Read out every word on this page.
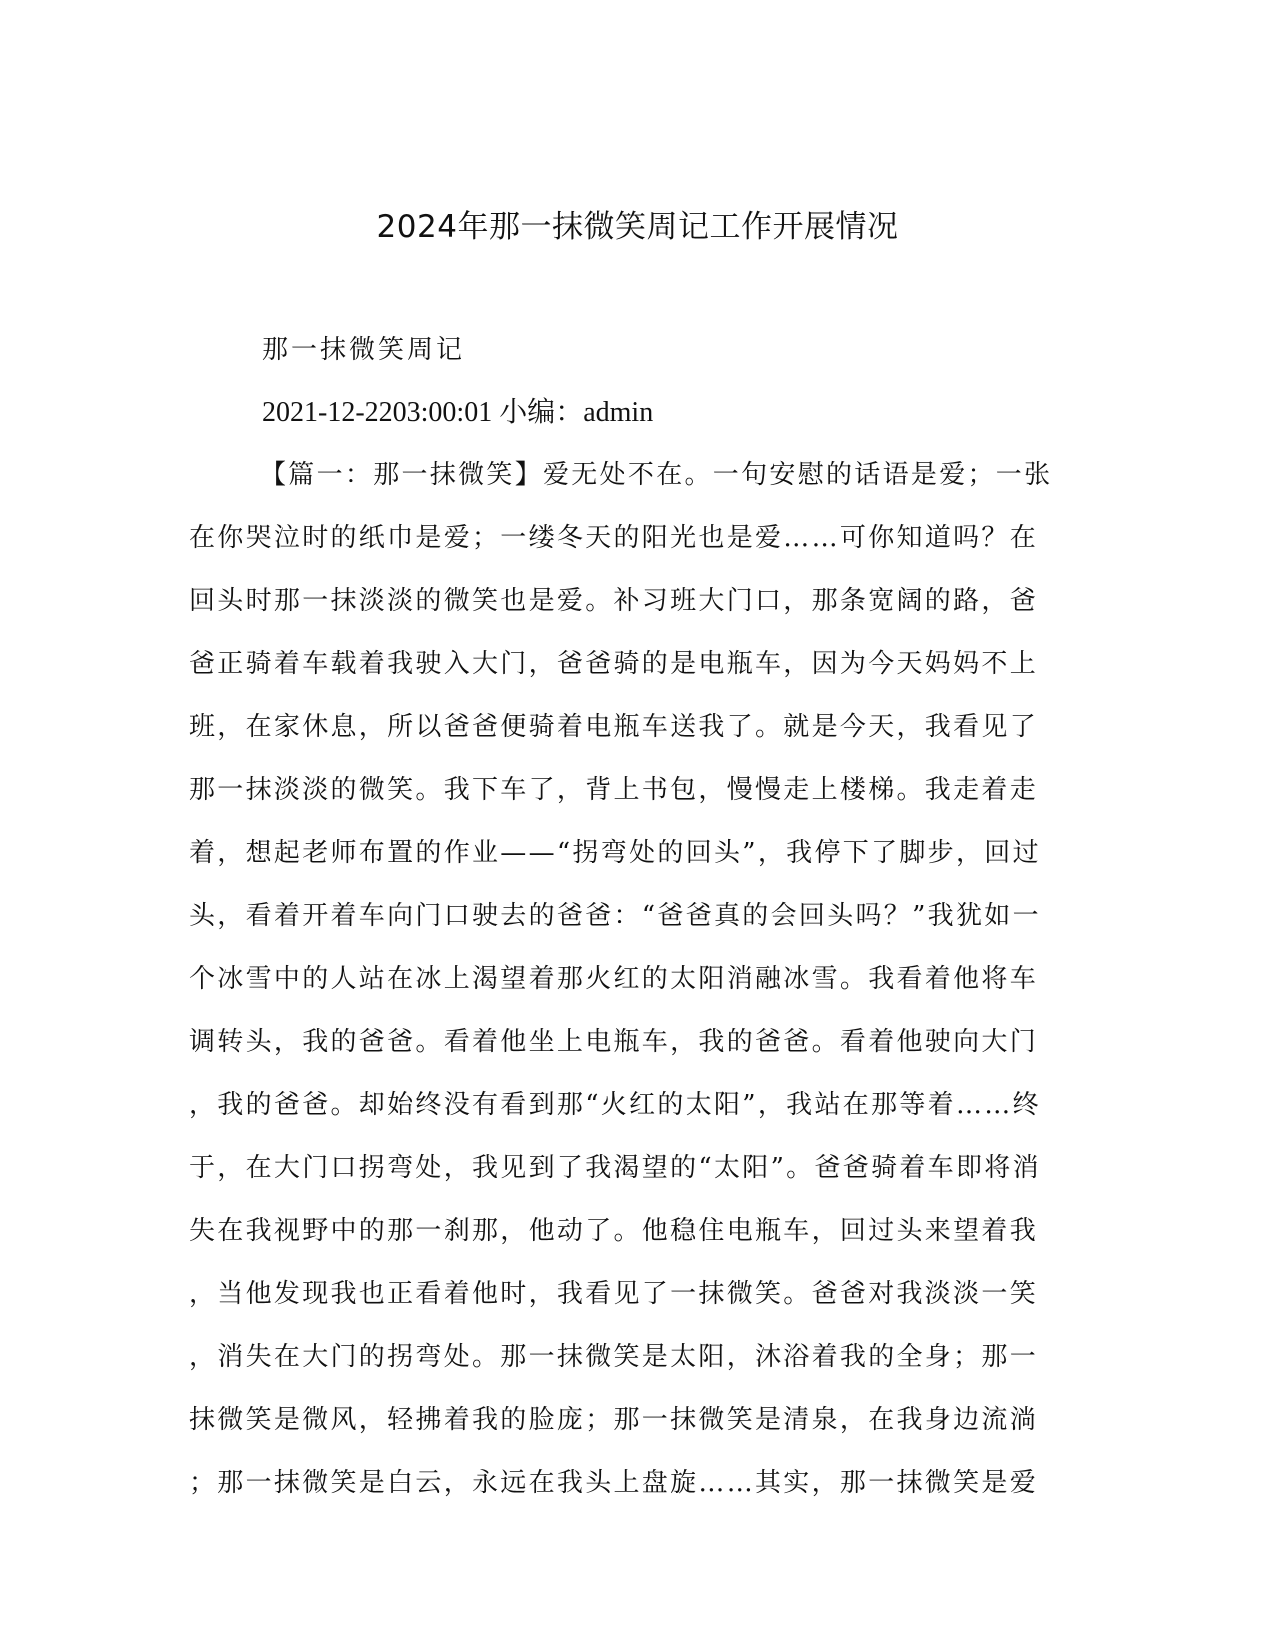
2024年那一抹微笑周记工作开展情况
那一抹微笑周记
2021-12-2203:00:01 小编：admin
【篇一：那一抹微笑】爱无处不在。一句安慰的话语是爱；一张
在你哭泣时的纸巾是爱；一缕冬天的阳光也是爱……可你知道吗？在
回头时那一抹淡淡的微笑也是爱。补习班大门口，那条宽阔的路，爸
爸正骑着车载着我驶入大门，爸爸骑的是电瓶车，因为今天妈妈不上
班，在家休息，所以爸爸便骑着电瓶车送我了。就是今天，我看见了
那一抹淡淡的微笑。我下车了，背上书包，慢慢走上楼梯。我走着走
着，想起老师布置的作业——“拐弯处的回头”，我停下了脚步，回过
头，看着开着车向门口驶去的爸爸：“爸爸真的会回头吗？”我犹如一
个冰雪中的人站在冰上渴望着那火红的太阳消融冰雪。我看着他将车
调转头，我的爸爸。看着他坐上电瓶车，我的爸爸。看着他驶向大门
，我的爸爸。却始终没有看到那“火红的太阳”，我站在那等着……终
于，在大门口拐弯处，我见到了我渴望的“太阳”。爸爸骑着车即将消
失在我视野中的那一刹那，他动了。他稳住电瓶车，回过头来望着我
，当他发现我也正看着他时，我看见了一抹微笑。爸爸对我淡淡一笑
，消失在大门的拐弯处。那一抹微笑是太阳，沐浴着我的全身；那一
抹微笑是微风，轻拂着我的脸庞；那一抹微笑是清泉，在我身边流淌
；那一抹微笑是白云，永远在我头上盘旋……其实，那一抹微笑是爱
